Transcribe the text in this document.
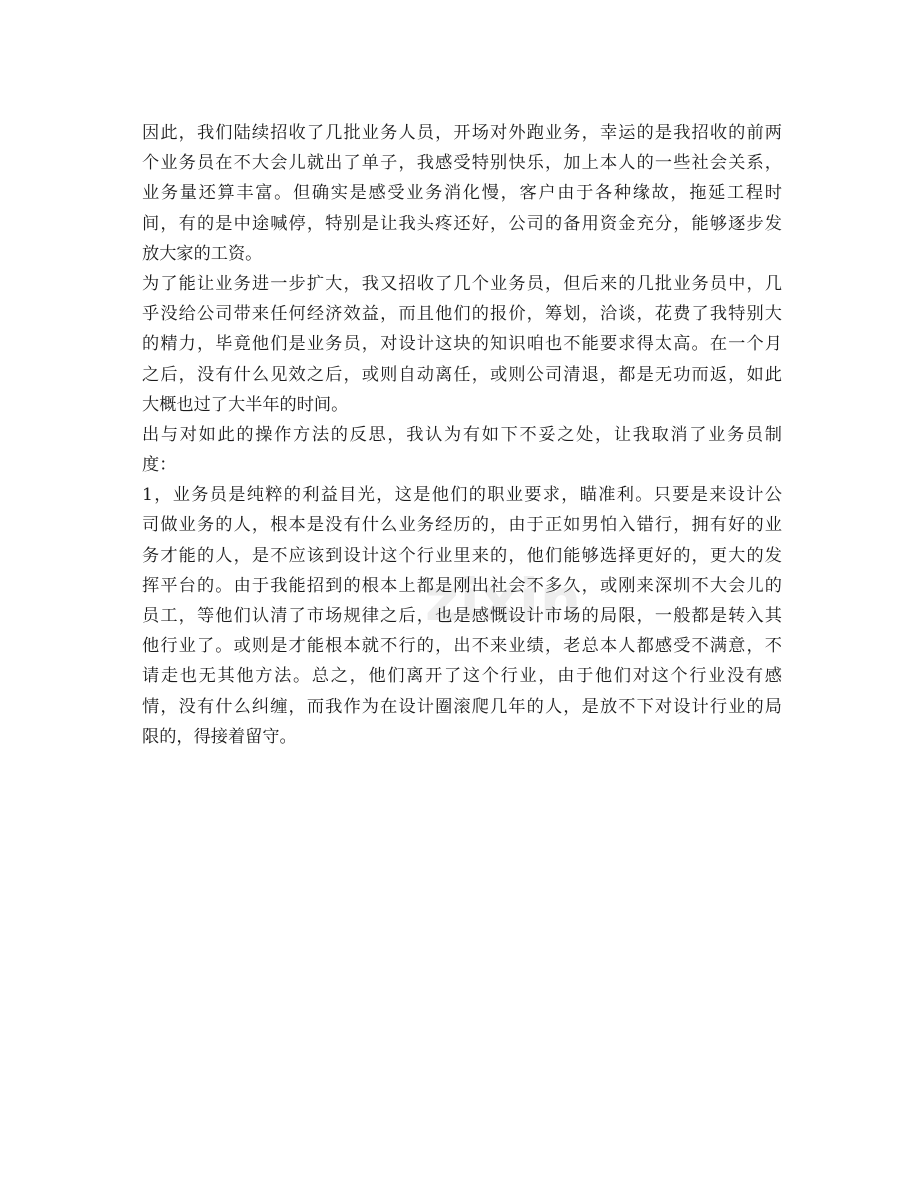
zixin
因此，我们陆续招收了几批业务人员，开场对外跑业务，幸运的是我招收的前两
个业务员在不大会儿就出了单子，我感受特别快乐，加上本人的一些社会关系，
业务量还算丰富。但确实是感受业务消化慢，客户由于各种缘故，拖延工程时
间，有的是中途喊停，特别是让我头疼还好，公司的备用资金充分，能够逐步发
放大家的工资。
为了能让业务进一步扩大，我又招收了几个业务员，但后来的几批业务员中，几
乎没给公司带来任何经济效益，而且他们的报价，筹划，洽谈，花费了我特别大
的精力，毕竟他们是业务员，对设计这块的知识咱也不能要求得太高。在一个月
之后，没有什么见效之后，或则自动离任，或则公司清退，都是无功而返，如此
大概也过了大半年的时间。
出与对如此的操作方法的反思，我认为有如下不妥之处，让我取消了业务员制
度：
1，业务员是纯粹的利益目光，这是他们的职业要求，瞄准利。只要是来设计公
司做业务的人，根本是没有什么业务经历的，由于正如男怕入错行，拥有好的业
务才能的人，是不应该到设计这个行业里来的，他们能够选择更好的，更大的发
挥平台的。由于我能招到的根本上都是刚出社会不多久，或刚来深圳不大会儿的
员工，等他们认清了市场规律之后，也是感慨设计市场的局限，一般都是转入其
他行业了。或则是才能根本就不行的，出不来业绩，老总本人都感受不满意，不
请走也无其他方法。总之，他们离开了这个行业，由于他们对这个行业没有感
情，没有什么纠缠，而我作为在设计圈滚爬几年的人，是放不下对设计行业的局
限的，得接着留守。
